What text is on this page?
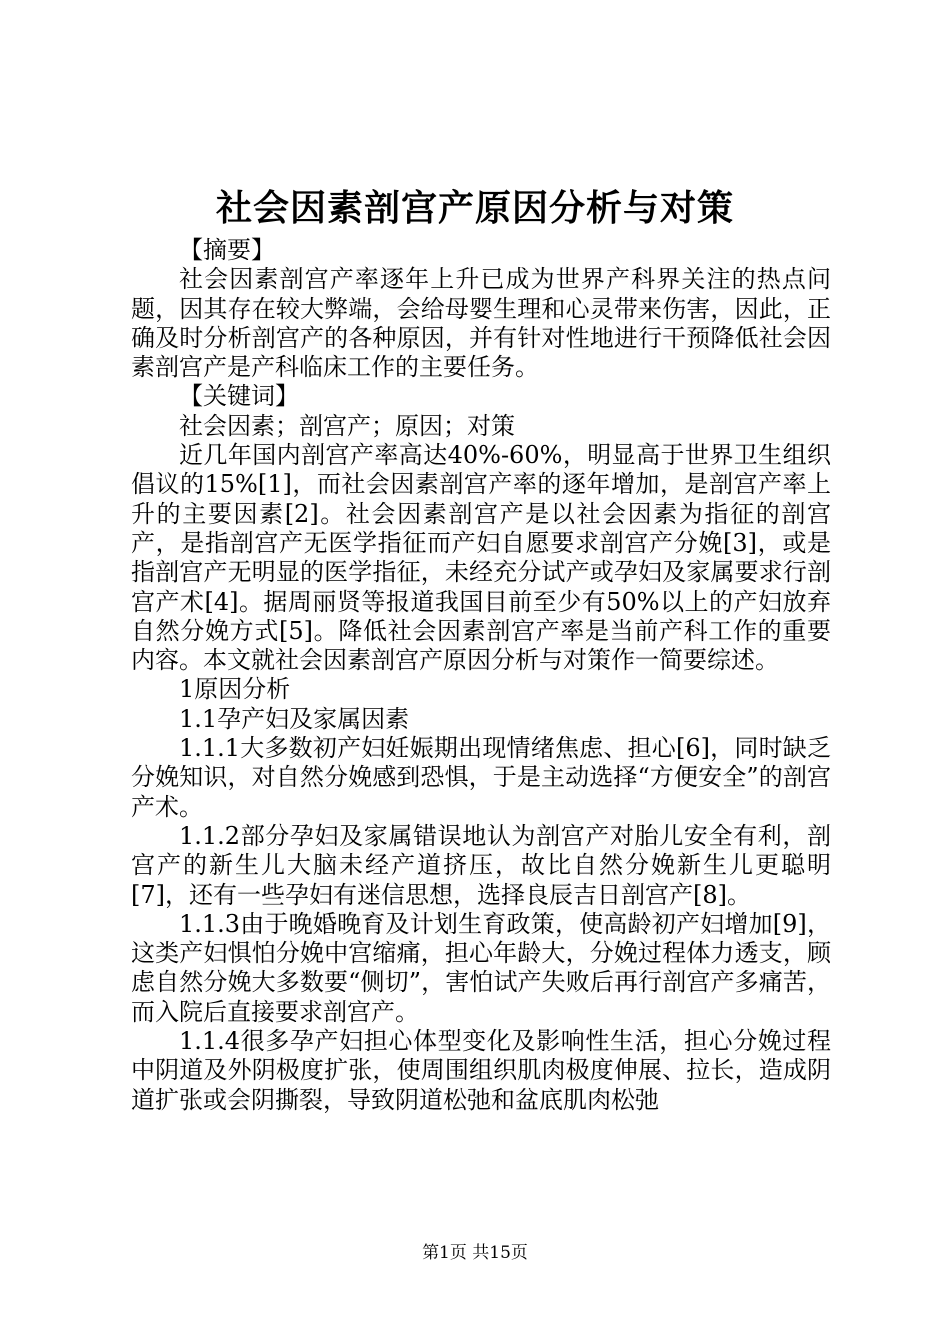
社会因素剖宫产原因分析与对策

【摘要】

社会因素剖宫产率逐年上升已成为世界产科界关注的热点问题，因其存在较大弊端，会给母婴生理和心灵带来伤害，因此，正确及时分析剖宫产的各种原因，并有针对性地进行干预降低社会因素剖宫产是产科临床工作的主要任务。

【关键词】

社会因素；剖宫产；原因；对策

近几年国内剖宫产率高达40%-60%，明显高于世界卫生组织倡议的15%[1]，而社会因素剖宫产率的逐年增加，是剖宫产率上升的主要因素[2]。社会因素剖宫产是以社会因素为指征的剖宫产，是指剖宫产无医学指征而产妇自愿要求剖宫产分娩[3]，或是指剖宫产无明显的医学指征，未经充分试产或孕妇及家属要求行剖宫产术[4]。据周丽贤等报道我国目前至少有50%以上的产妇放弃自然分娩方式[5]。降低社会因素剖宫产率是当前产科工作的重要内容。本文就社会因素剖宫产原因分析与对策作一简要综述。

1原因分析

1.1孕产妇及家属因素

1.1.1大多数初产妇妊娠期出现情绪焦虑、担心[6]，同时缺乏分娩知识，对自然分娩感到恐惧，于是主动选择“方便安全”的剖宫产术。

1.1.2部分孕妇及家属错误地认为剖宫产对胎儿安全有利，剖宫产的新生儿大脑未经产道挤压，故比自然分娩新生儿更聪明[7]，还有一些孕妇有迷信思想，选择良辰吉日剖宫产[8]。

1.1.3由于晚婚晚育及计划生育政策，使高龄初产妇增加[9]，这类产妇惧怕分娩中宫缩痛，担心年龄大，分娩过程体力透支，顾虑自然分娩大多数要“侧切”，害怕试产失败后再行剖宫产多痛苦，而入院后直接要求剖宫产。

1.1.4很多孕产妇担心体型变化及影响性生活，担心分娩过程中阴道及外阴极度扩张，使周围组织肌肉极度伸展、拉长，造成阴道扩张或会阴撕裂，导致阴道松弛和盆底肌肉松弛

第1页 共15页
